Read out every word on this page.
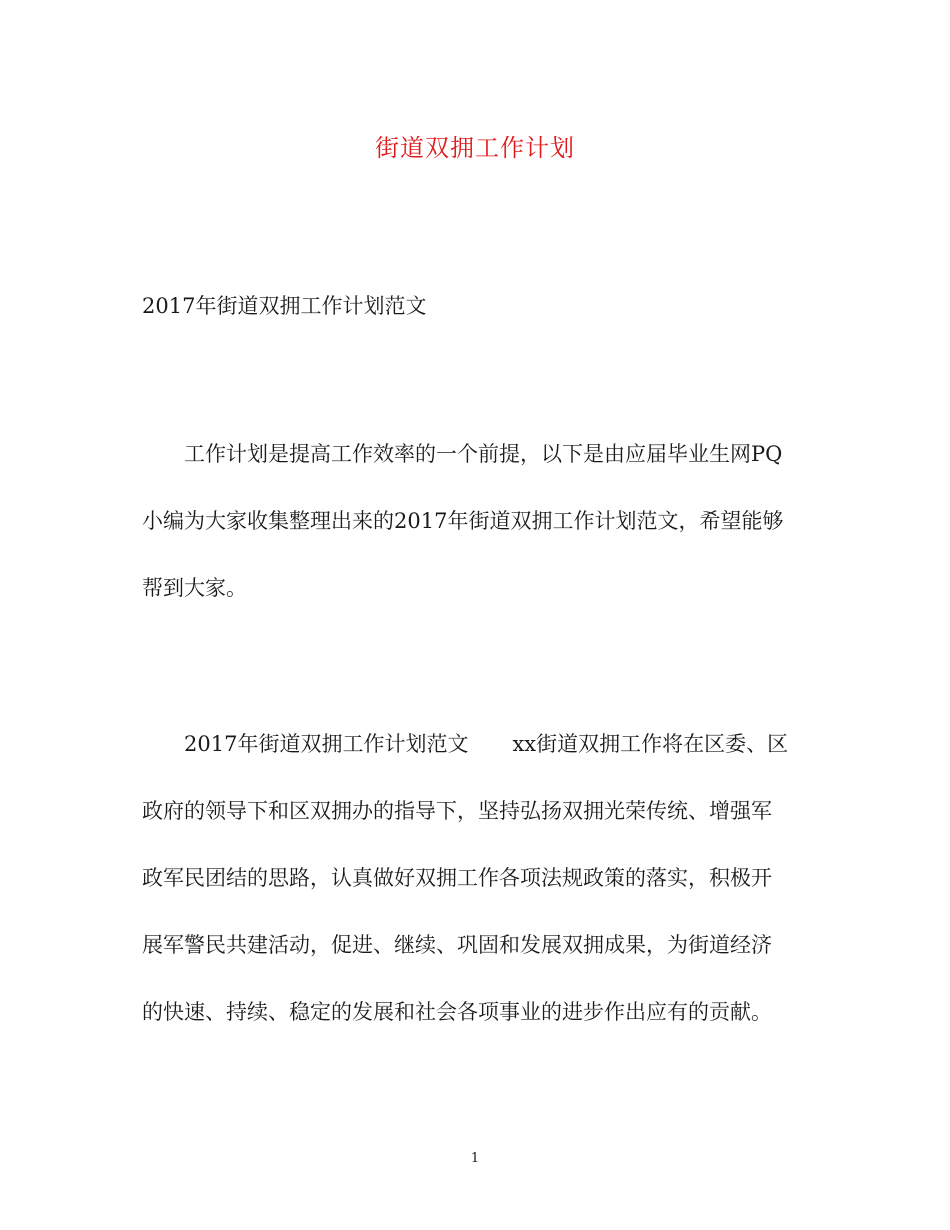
街道双拥工作计划
2017年街道双拥工作计划范文
工作计划是提高工作效率的一个前提，以下是由应届毕业生网PQ
小编为大家收集整理出来的2017年街道双拥工作计划范文，希望能够
帮到大家。
2017年街道双拥工作计划范文 xx街道双拥工作将在区委、区
政府的领导下和区双拥办的指导下，坚持弘扬双拥光荣传统、增强军
政军民团结的思路，认真做好双拥工作各项法规政策的落实，积极开
展军警民共建活动，促进、继续、巩固和发展双拥成果，为街道经济
的快速、持续、稳定的发展和社会各项事业的进步作出应有的贡献。
1
